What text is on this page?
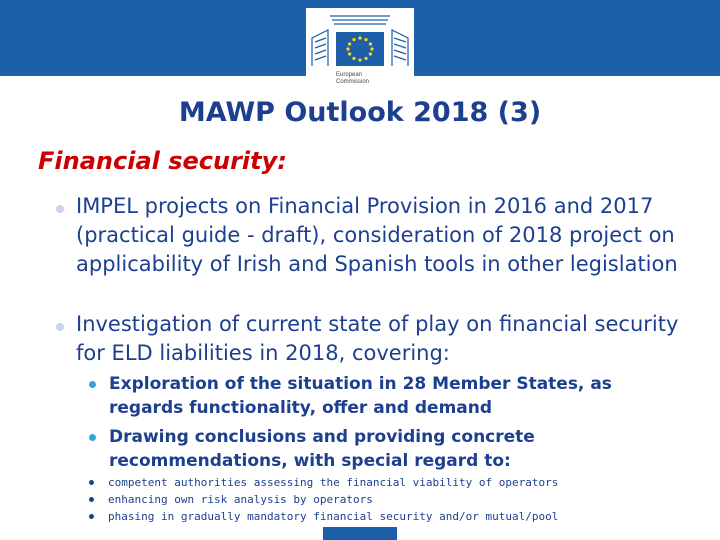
European
Commission
MAWP Outlook 2018 (3)
Financial security:
IMPEL projects on Financial Provision in 2016 and 2017 (practical guide - draft), consideration of 2018 project on applicability of Irish and Spanish tools in other legislation
Investigation of current state of play on financial security for ELD liabilities in 2018, covering:
Exploration of the situation in 28 Member States, as regards functionality, offer and demand
Drawing conclusions and providing concrete recommendations, with special regard to:
competent authorities assessing the financial viability of operators
enhancing own risk analysis by operators
phasing in gradually mandatory financial security and/or mutual/pool
